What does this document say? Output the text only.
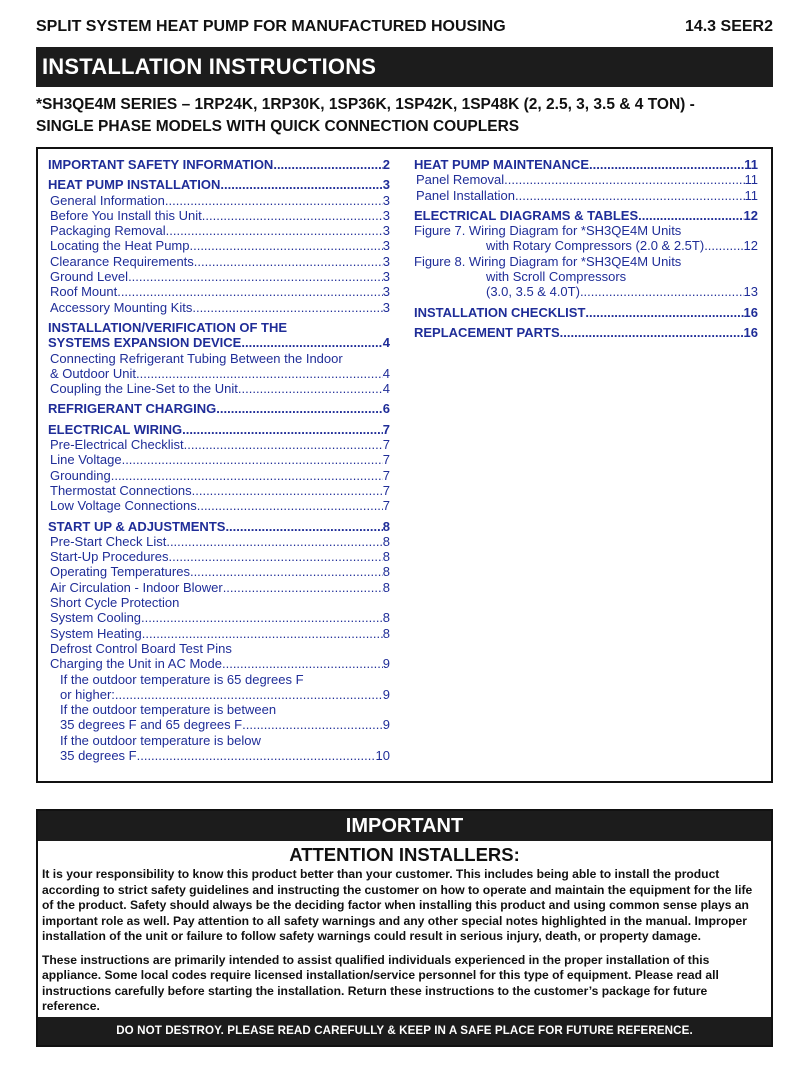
SPLIT SYSTEM HEAT PUMP FOR MANUFACTURED HOUSING	14.3 SEER2
INSTALLATION INSTRUCTIONS
*SH3QE4M SERIES – 1RP24K, 1RP30K, 1SP36K, 1SP42K, 1SP48K (2, 2.5, 3, 3.5 & 4 TON) -
SINGLE PHASE MODELS WITH QUICK CONNECTION COUPLERS
IMPORTANT SAFETY INFORMATION .....	2
HEAT PUMP INSTALLATION .....	3
General Information .....	3
Before You Install this Unit .....	3
Packaging Removal .....	3
Locating the Heat Pump .....	3
Clearance Requirements .....	3
Ground Level .....	3
Roof Mount .....	3
Accessory Mounting Kits .....	3
INSTALLATION/VERIFICATION OF THE
SYSTEMS EXPANSION DEVICE .....	4
Connecting Refrigerant Tubing Between the Indoor
& Outdoor Unit .....	4
Coupling the Line-Set to the Unit .....	4
REFRIGERANT CHARGING .....	6
ELECTRICAL WIRING .....	7
Pre-Electrical Checklist .....	7
Line Voltage .....	7
Grounding .....	7
Thermostat Connections .....	7
Low Voltage Connections .....	7
START UP & ADJUSTMENTS .....	8
Pre-Start Check List .....	8
Start-Up Procedures .....	8
Operating Temperatures .....	8
Air Circulation - Indoor Blower .....	8
Short Cycle Protection
System Cooling .....	8
System Heating .....	8
Defrost Control Board Test Pins
Charging the Unit in AC Mode .....	9
If the outdoor temperature is 65 degrees F
or higher: .....	9
If the outdoor temperature is between
35 degrees F and 65 degrees F .....	9
If the outdoor temperature is below
35 degrees F .....	10
HEAT PUMP MAINTENANCE .....	11
Panel Removal .....	11
Panel Installation .....	11
ELECTRICAL DIAGRAMS & TABLES .....	12
Figure 7. Wiring Diagram for *SH3QE4M Units
with Rotary Compressors (2.0 & 2.5T) .....	12
Figure 8. Wiring Diagram for *SH3QE4M Units
with Scroll Compressors
(3.0, 3.5 & 4.0T) .....	13
INSTALLATION CHECKLIST .....	16
REPLACEMENT PARTS .....	16
IMPORTANT
ATTENTION INSTALLERS:

It is your responsibility to know this product better than your customer. This includes being able to install the product according to strict safety guidelines and instructing the customer on how to operate and maintain the equipment for the life of the product. Safety should always be the deciding factor when installing this product and using common sense plays an important role as well. Pay attention to all safety warnings and any other special notes highlighted in the manual. Improper installation of the unit or failure to follow safety warnings could result in serious injury, death, or property damage.

These instructions are primarily intended to assist qualified individuals experienced in the proper installation of this appliance. Some local codes require licensed installation/service personnel for this type of equipment. Please read all instructions carefully before starting the installation. Return these instructions to the customer’s package for future reference.

DO NOT DESTROY. PLEASE READ CAREFULLY & KEEP IN A SAFE PLACE FOR FUTURE REFERENCE.
